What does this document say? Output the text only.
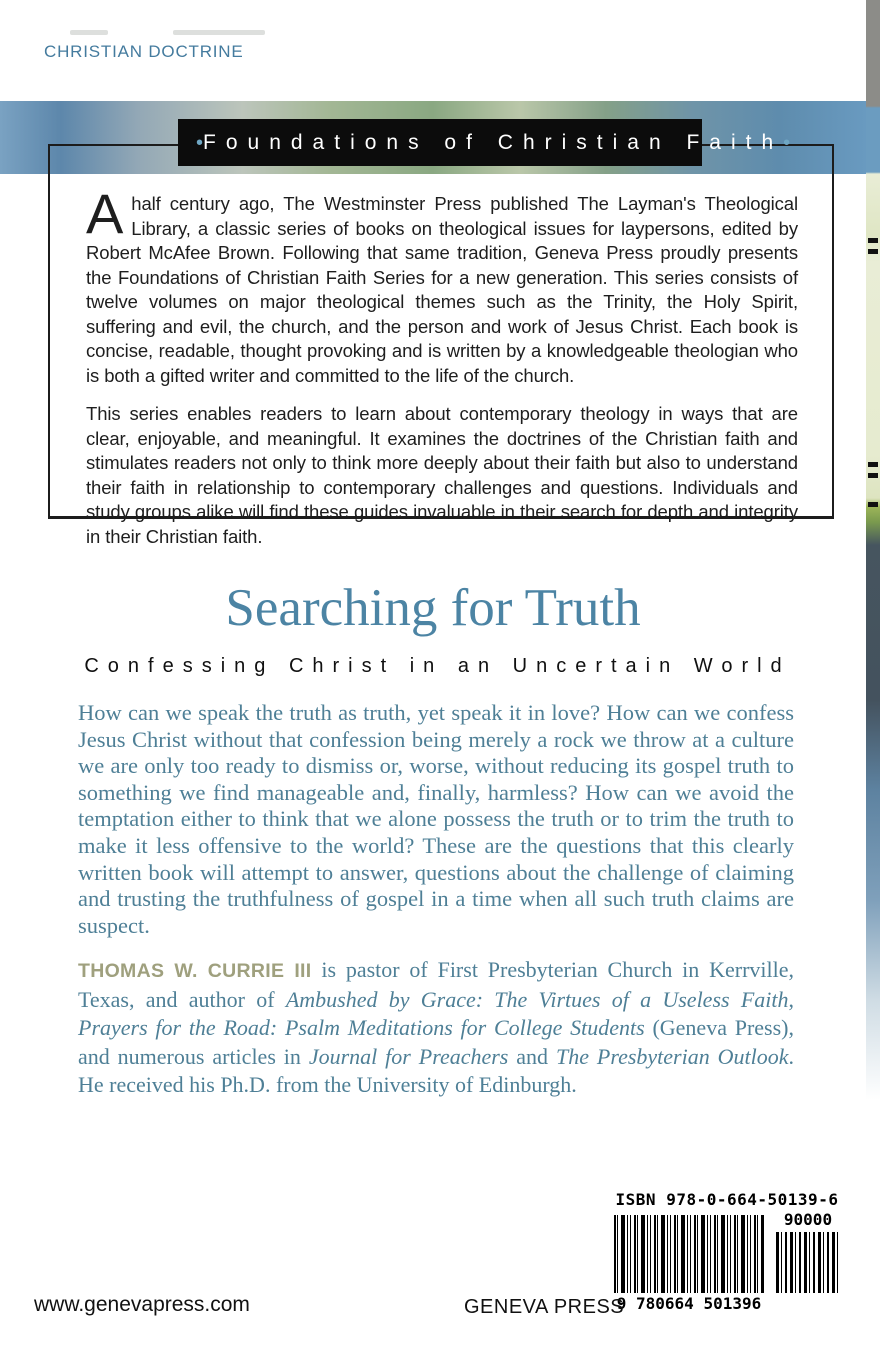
CHRISTIAN DOCTRINE

Ahalf century ago, The Westminster Press published The Layman's Theological Library, a classic series of books on theological issues for laypersons, edited by Robert McAfee Brown. Following that same tradition, Geneva Press proudly presents the Foundations of Christian Faith Series for a new generation. This series consists of twelve volumes on major theological themes such as the Trinity, the Holy Spirit, suffering and evil, the church, and the person and work of Jesus Christ. Each book is concise, readable, thought provoking and is written by a knowledgeable theologian who is both a gifted writer and committed to the life of the church.

This series enables readers to learn about contemporary theology in ways that are clear, enjoyable, and meaningful. It examines the doctrines of the Christian faith and stimulates readers not only to think more deeply about their faith but also to understand their faith in relationship to contemporary challenges and questions. Individuals and study groups alike will find these guides invaluable in their search for depth and integrity in their Christian faith.

• Foundations of Christian Faith •
Searching for Truth
Confessing Christ in an Uncertain World
How can we speak the truth as truth, yet speak it in love? How can we confess Jesus Christ without that confession being merely a rock we throw at a culture we are only too ready to dismiss or, worse, without reducing its gospel truth to something we find manageable and, finally, harmless? How can we avoid the temptation either to think that we alone possess the truth or to trim the truth to make it less offensive to the world? These are the questions that this clearly written book will attempt to answer, questions about the challenge of claiming and trusting the truthfulness of gospel in a time when all such truth claims are suspect.
THOMAS W. CURRIE III is pastor of First Presbyterian Church in Kerrville, Texas, and author of Ambushed by Grace: The Virtues of a Useless Faith, Prayers for the Road: Psalm Meditations for College Students (Geneva Press), and numerous articles in Journal for Preachers and The Presbyterian Outlook. He received his Ph.D. from the University of Edinburgh.
ISBN 978-0-664-50139-6
9 780664 501396
90000
www.genevapress.com	GENEVA PRESS
